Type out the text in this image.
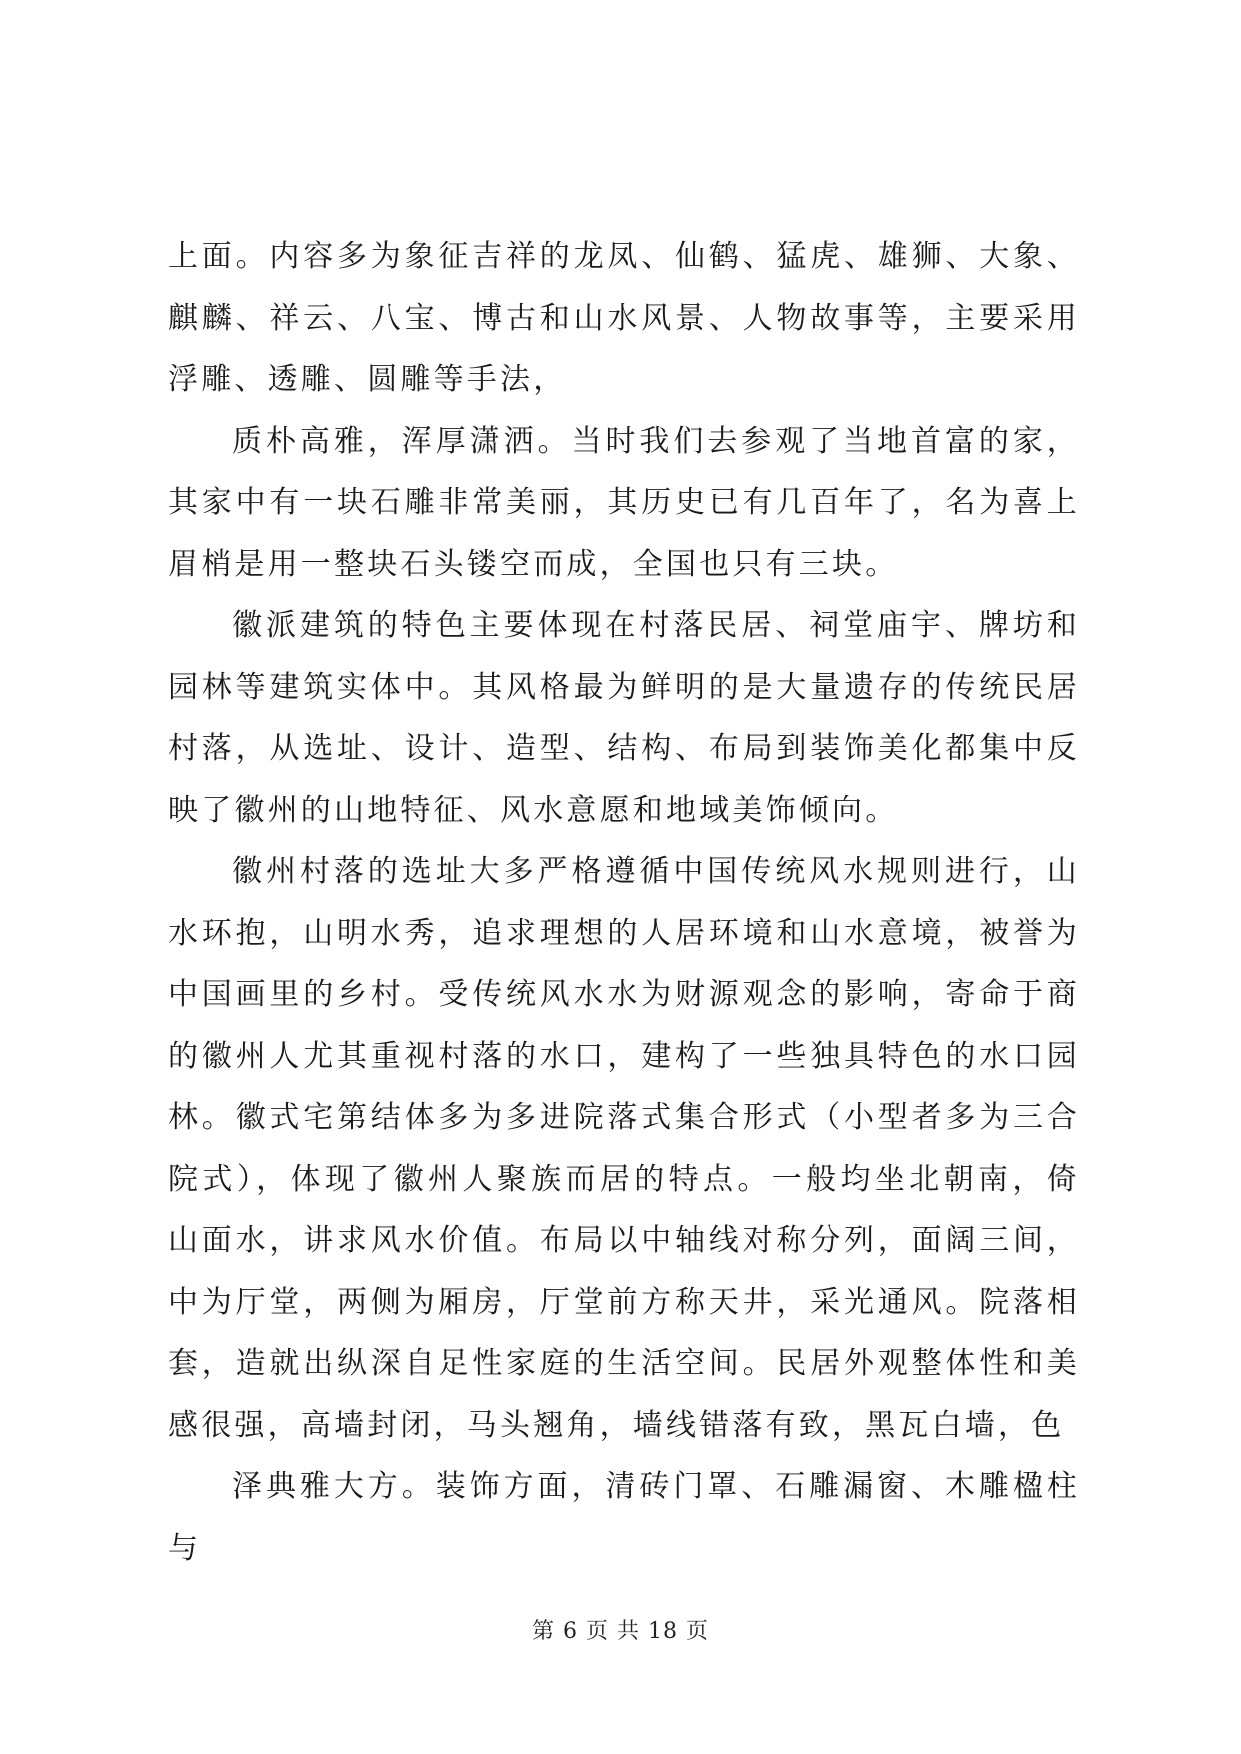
上面。内容多为象征吉祥的龙凤、仙鹤、猛虎、雄狮、大象、麒麟、祥云、八宝、博古和山水风景、人物故事等，主要采用浮雕、透雕、圆雕等手法，

质朴高雅，浑厚潇洒。当时我们去参观了当地首富的家，其家中有一块石雕非常美丽，其历史已有几百年了，名为喜上眉梢是用一整块石头镂空而成，全国也只有三块。

徽派建筑的特色主要体现在村落民居、祠堂庙宇、牌坊和园林等建筑实体中。其风格最为鲜明的是大量遗存的传统民居村落，从选址、设计、造型、结构、布局到装饰美化都集中反映了徽州的山地特征、风水意愿和地域美饰倾向。

徽州村落的选址大多严格遵循中国传统风水规则进行，山水环抱，山明水秀，追求理想的人居环境和山水意境，被誉为中国画里的乡村。受传统风水水为财源观念的影响，寄命于商的徽州人尤其重视村落的水口，建构了一些独具特色的水口园林。徽式宅第结体多为多进院落式集合形式（小型者多为三合院式），体现了徽州人聚族而居的特点。一般均坐北朝南，倚山面水，讲求风水价值。布局以中轴线对称分列，面阔三间，中为厅堂，两侧为厢房，厅堂前方称天井，采光通风。院落相套，造就出纵深自足性家庭的生活空间。民居外观整体性和美感很强，高墙封闭，马头翘角，墙线错落有致，黑瓦白墙，色

泽典雅大方。装饰方面，清砖门罩、石雕漏窗、木雕楹柱与

第 6 页 共 18 页
